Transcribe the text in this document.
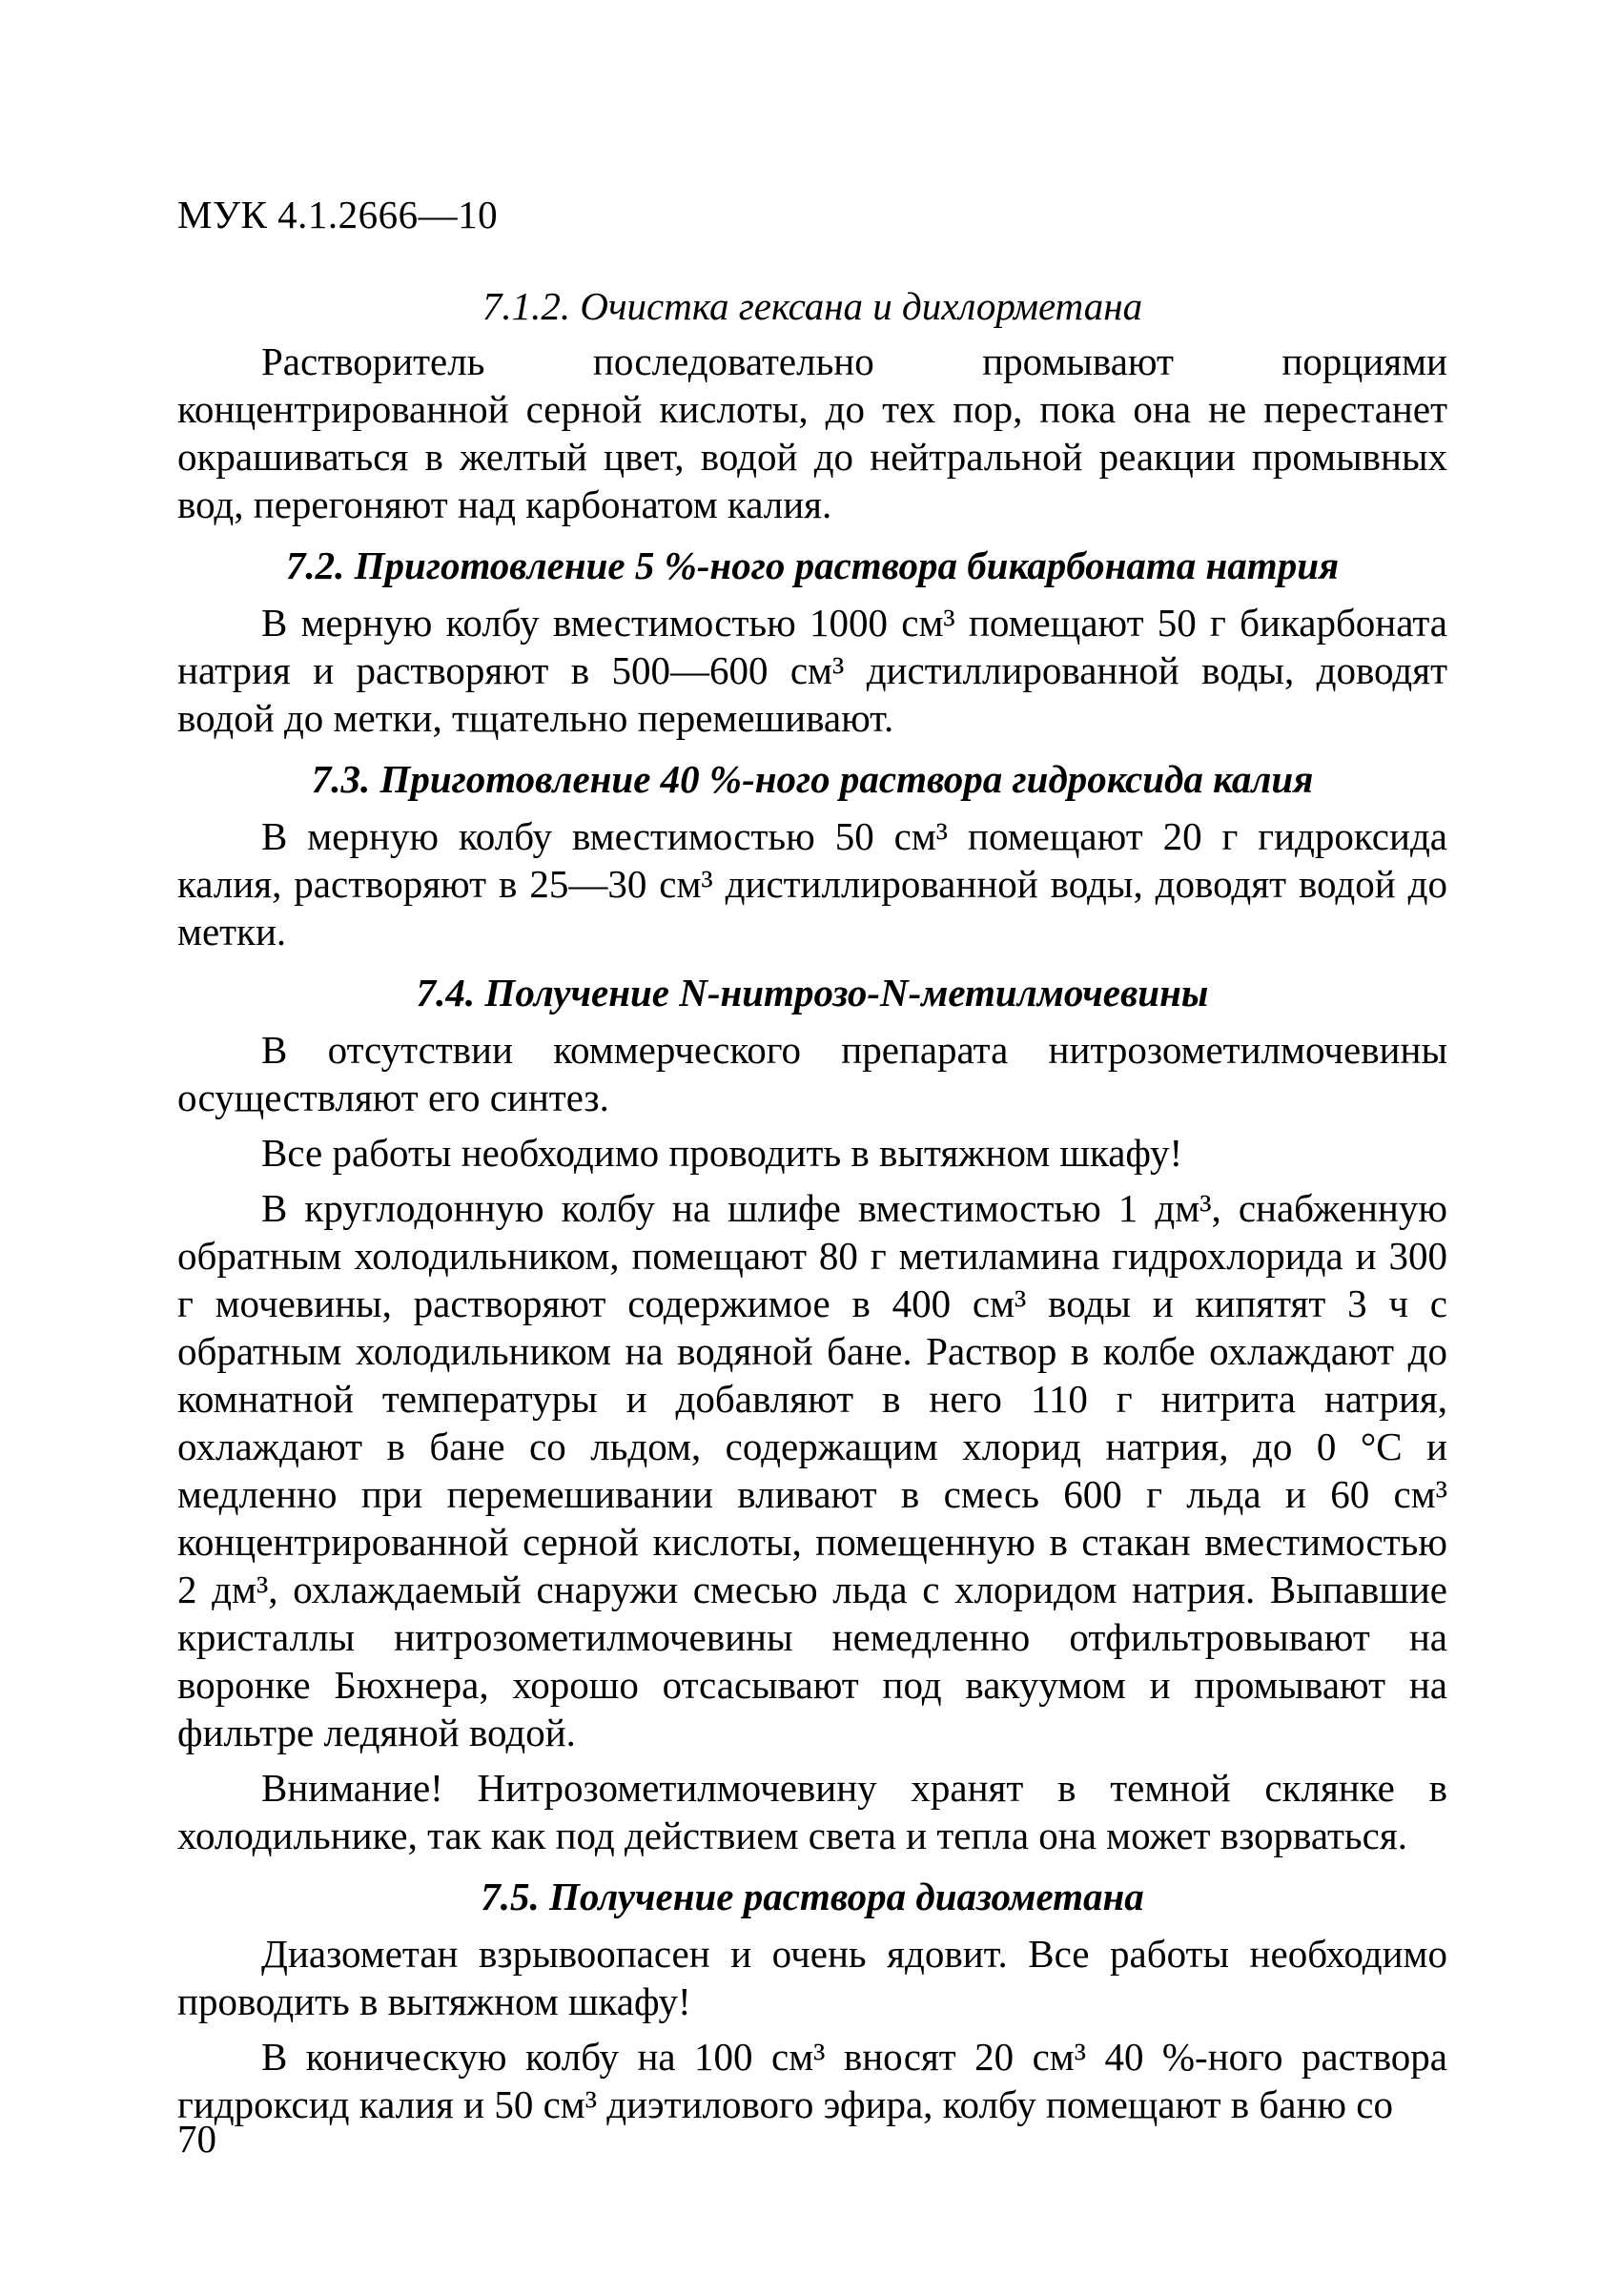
МУК 4.1.2666—10
7.1.2. Очистка гексана и дихлорметана

Растворитель последовательно промывают порциями концентрированной серной кислоты, до тех пор, пока она не перестанет окрашиваться в желтый цвет, водой до нейтральной реакции промывных вод, перегоняют над карбонатом калия.

7.2. Приготовление 5 %-ного раствора бикарбоната натрия

В мерную колбу вместимостью 1000 см³ помещают 50 г бикарбоната натрия и растворяют в 500—600 см³ дистиллированной воды, доводят водой до метки, тщательно перемешивают.

7.3. Приготовление 40 %-ного раствора гидроксида калия

В мерную колбу вместимостью 50 см³ помещают 20 г гидроксида калия, растворяют в 25—30 см³ дистиллированной воды, доводят водой до метки.

7.4. Получение N-нитрозо-N-метилмочевины

В отсутствии коммерческого препарата нитрозометилмочевины осуществляют его синтез.

Все работы необходимо проводить в вытяжном шкафу!

В круглодонную колбу на шлифе вместимостью 1 дм³, снабженную обратным холодильником, помещают 80 г метиламина гидрохлорида и 300 г мочевины, растворяют содержимое в 400 см³ воды и кипятят 3 ч с обратным холодильником на водяной бане. Раствор в колбе охлаждают до комнатной температуры и добавляют в него 110 г нитрита натрия, охлаждают в бане со льдом, содержащим хлорид натрия, до 0 °С и медленно при перемешивании вливают в смесь 600 г льда и 60 см³ концентрированной серной кислоты, помещенную в стакан вместимостью 2 дм³, охлаждаемый снаружи смесью льда с хлоридом натрия. Выпавшие кристаллы нитрозометилмочевины немедленно отфильтровывают на воронке Бюхнера, хорошо отсасывают под вакуумом и промывают на фильтре ледяной водой.

Внимание! Нитрозометилмочевину хранят в темной склянке в холодильнике, так как под действием света и тепла она может взорваться.

7.5. Получение раствора диазометана

Диазометан взрывоопасен и очень ядовит. Все работы необходимо проводить в вытяжном шкафу!

В коническую колбу на 100 см³ вносят 20 см³ 40 %-ного раствора гидроксид калия и 50 см³ диэтилового эфира, колбу помещают в баню со

70
